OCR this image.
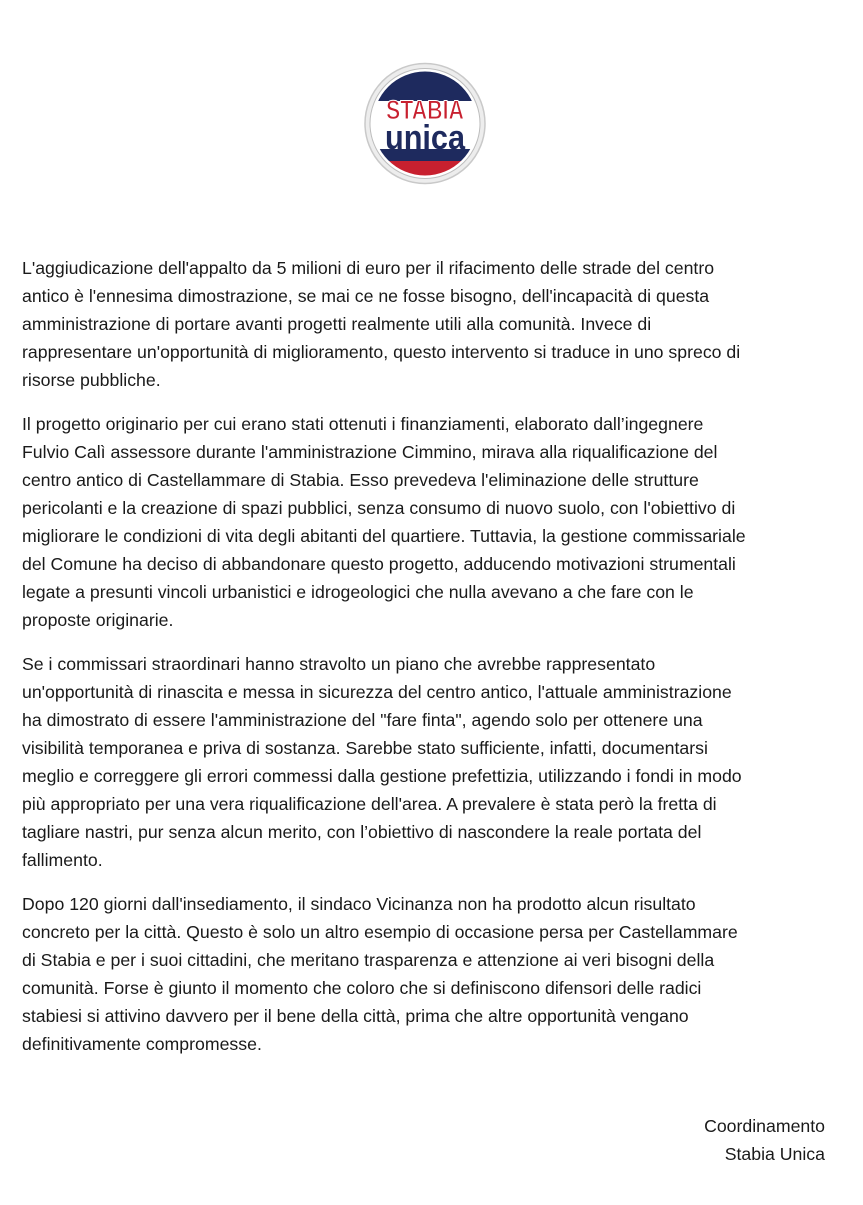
STABIA
unica
L'aggiudicazione dell'appalto da 5 milioni di euro per il rifacimento delle strade del centro
antico è l'ennesima dimostrazione, se mai ce ne fosse bisogno, dell'incapacità di questa
amministrazione di portare avanti progetti realmente utili alla comunità. Invece di
rappresentare un'opportunità di miglioramento, questo intervento si traduce in uno spreco di
risorse pubbliche.
Il progetto originario per cui erano stati ottenuti i finanziamenti, elaborato dall’ingegnere
Fulvio Calì assessore durante l'amministrazione Cimmino, mirava alla riqualificazione del
centro antico di Castellammare di Stabia. Esso prevedeva l'eliminazione delle strutture
pericolanti e la creazione di spazi pubblici, senza consumo di nuovo suolo, con l'obiettivo di
migliorare le condizioni di vita degli abitanti del quartiere. Tuttavia, la gestione commissariale
del Comune ha deciso di abbandonare questo progetto, adducendo motivazioni strumentali
legate a presunti vincoli urbanistici e idrogeologici che nulla avevano a che fare con le
proposte originarie.
Se i commissari straordinari hanno stravolto un piano che avrebbe rappresentato
un'opportunità di rinascita e messa in sicurezza del centro antico, l'attuale amministrazione
ha dimostrato di essere l'amministrazione del "fare finta", agendo solo per ottenere una
visibilità temporanea e priva di sostanza. Sarebbe stato sufficiente, infatti, documentarsi
meglio e correggere gli errori commessi dalla gestione prefettizia, utilizzando i fondi in modo
più appropriato per una vera riqualificazione dell'area. A prevalere è stata però la fretta di
tagliare nastri, pur senza alcun merito, con l’obiettivo di nascondere la reale portata del
fallimento.
Dopo 120 giorni dall'insediamento, il sindaco Vicinanza non ha prodotto alcun risultato
concreto per la città. Questo è solo un altro esempio di occasione persa per Castellammare
di Stabia e per i suoi cittadini, che meritano trasparenza e attenzione ai veri bisogni della
comunità. Forse è giunto il momento che coloro che si definiscono difensori delle radici
stabiesi si attivino davvero per il bene della città, prima che altre opportunità vengano
definitivamente compromesse.
Coordinamento
Stabia Unica
